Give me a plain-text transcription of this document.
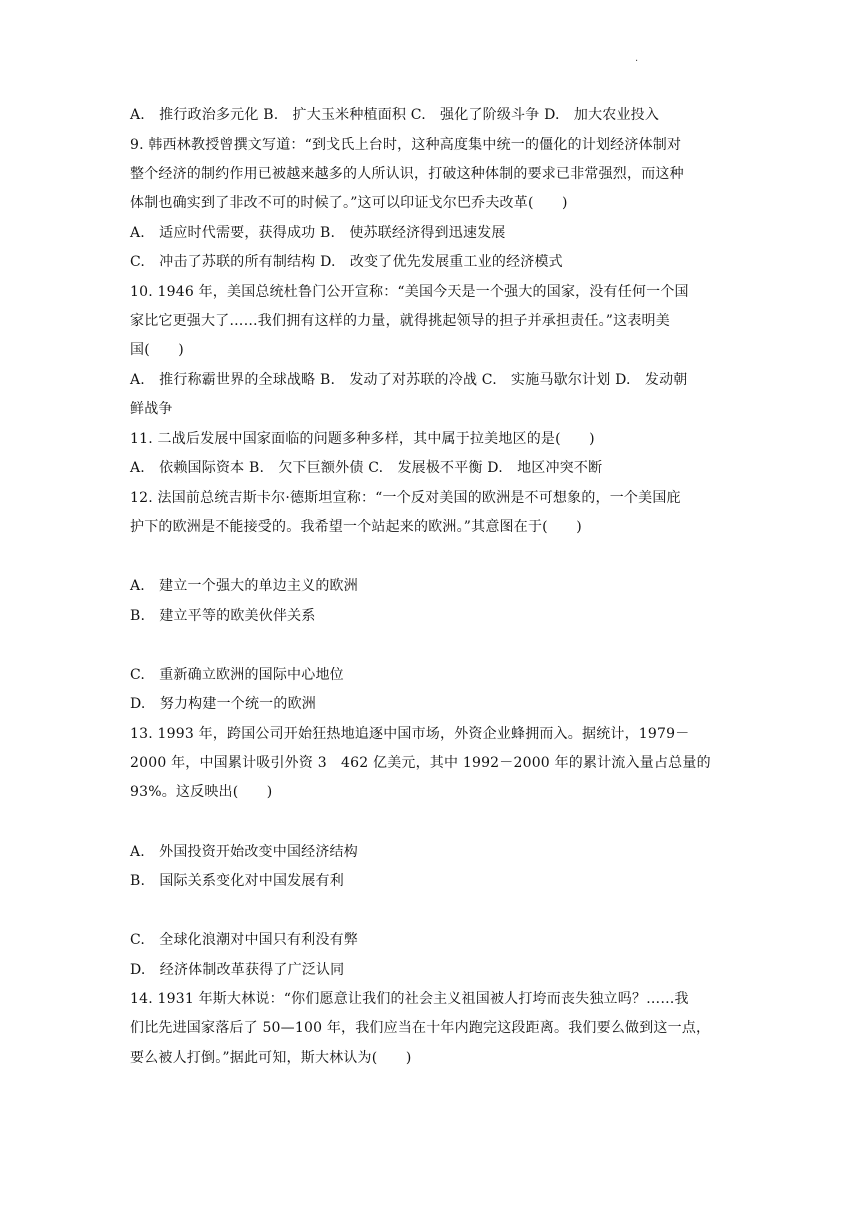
·
A.　推行政治多元化 B.　扩大玉米种植面积 C.　强化了阶级斗争 D.　加大农业投入
9. 韩西林教授曾撰文写道：“到戈氏上台时，这种高度集中统一的僵化的计划经济体制对
整个经济的制约作用已被越来越多的人所认识，打破这种体制的要求已非常强烈，而这种
体制也确实到了非改不可的时候了。”这可以印证戈尔巴乔夫改革(　　)
A.　适应时代需要，获得成功 B.　使苏联经济得到迅速发展
C.　冲击了苏联的所有制结构 D.　改变了优先发展重工业的经济模式
10. 1946 年，美国总统杜鲁门公开宣称：“美国今天是一个强大的国家，没有任何一个国
家比它更强大了……我们拥有这样的力量，就得挑起领导的担子并承担责任。”这表明美
国(　　)
A.　推行称霸世界的全球战略 B.　发动了对苏联的冷战 C.　实施马歇尔计划 D.　发动朝
鲜战争
11. 二战后发展中国家面临的问题多种多样，其中属于拉美地区的是(　　)
A.　依赖国际资本 B.　欠下巨额外债 C.　发展极不平衡 D.　地区冲突不断
12. 法国前总统吉斯卡尔·德斯坦宣称：“一个反对美国的欧洲是不可想象的，一个美国庇
护下的欧洲是不能接受的。我希望一个站起来的欧洲。”其意图在于(　　)
A.　建立一个强大的单边主义的欧洲
B.　建立平等的欧美伙伴关系
C.　重新确立欧洲的国际中心地位
D.　努力构建一个统一的欧洲
13. 1993 年，跨国公司开始狂热地追逐中国市场，外资企业蜂拥而入。据统计，1979－
2000 年，中国累计吸引外资 3　462 亿美元，其中 1992－2000 年的累计流入量占总量的
93%。这反映出(　　)
A.　外国投资开始改变中国经济结构
B.　国际关系变化对中国发展有利
C.　全球化浪潮对中国只有利没有弊
D.　经济体制改革获得了广泛认同
14. 1931 年斯大林说：“你们愿意让我们的社会主义祖国被人打垮而丧失独立吗？……我
们比先进国家落后了 50—100 年，我们应当在十年内跑完这段距离。我们要么做到这一点，
要么被人打倒。”据此可知，斯大林认为(　　)
